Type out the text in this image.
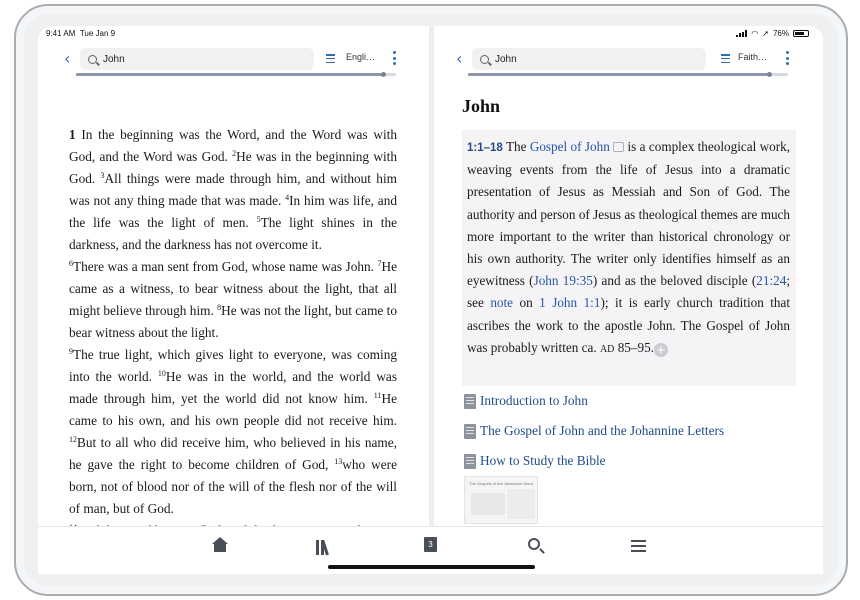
9:41 AM Tue Jan 9	◠ ➚ 76%
‹	John	Engli…

1 In the beginning was the Word, and the Word was with God, and the Word was God. $^2$He was in the beginning with God. $^3$All things were made through him, and without him was not any thing made that was made. $^4$In him was life, and the life was the light of men. $^5$The light shines in the darkness, and the darkness has not overcome it.

$^6$There was a man sent from God, whose name was John. $^7$He came as a witness, to bear witness about the light, that all might believe through him. $^8$He was not the light, but came to bear witness about the light.

$^9$The true light, which gives light to everyone, was coming into the world. $^{10}$He was in the world, and the world was made through him, yet the world did not know him. $^{11}$He came to his own, and his own people did not receive him. $^{12}$But to all who did receive him, who believed in his name, he gave the right to become children of God, $^{13}$who were born, not of blood nor of the will of the flesh nor of the will of man, but of God.

John
1:1–18 The Gospel of John is a complex theological work, weaving events from the life of Jesus into a dramatic presentation of Jesus as Messiah and Son of God. The authority and person of Jesus as theological themes are much more important to the writer than historical chronology or his own authority. The writer only identifies himself as an eyewitness (John 19:35) and as the beloved disciple (21:24; see note on 1 John 1:1); it is early church tradition that ascribes the work to the apostle John. The Gospel of John was probably written ca. AD 85–95. +
Introduction to John
The Gospel of John and the Johannine Letters
How to Study the Bible
The Gospels of the Johannine Word
‹	John	Faith…
3
